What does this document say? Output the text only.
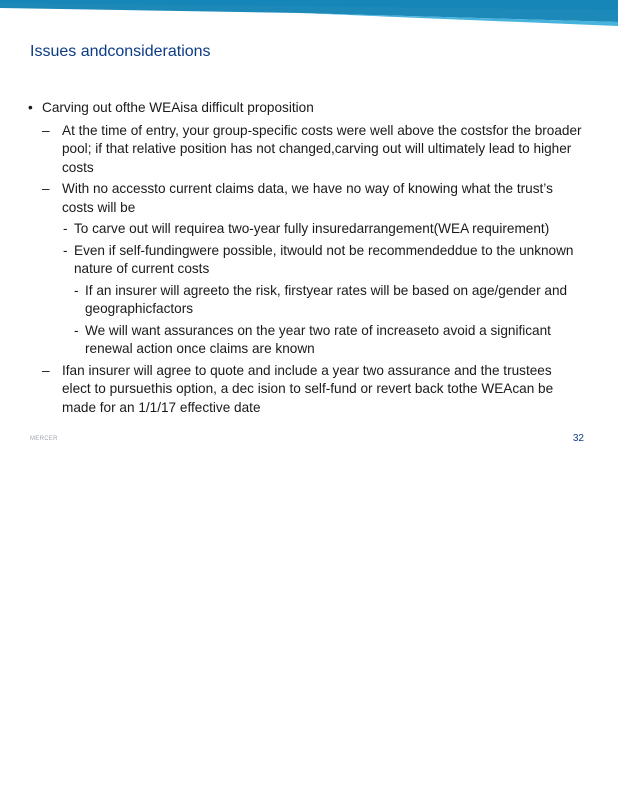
Issues andconsiderations
• Carving out ofthe WEAisa difficult proposition
– At the time of entry, your group-specific costs were well above the costsfor the broader pool; if that relative position has not changed,carving out will ultimately lead to higher costs
– With no accessto current claims data, we have no way of knowing what the trust’s costs will be
- To carve out will requirea two-year fully insuredarrangement(WEA requirement)
- Even if self-fundingwere possible, itwould not be recommendeddue to the unknown nature of current costs
- If an insurer will agreeto the risk, firstyear rates will be based on age/gender and geographicfactors
- We will want assurances on the year two rate of increaseto avoid a significant renewal action once claims are known
– Ifan insurer will agree to quote and include a year two assurance and the trustees elect to pursuethis option, a dec ision to self-fund or revert back tothe WEAcan be made for an 1/1/17 effective date
MERCER	32
